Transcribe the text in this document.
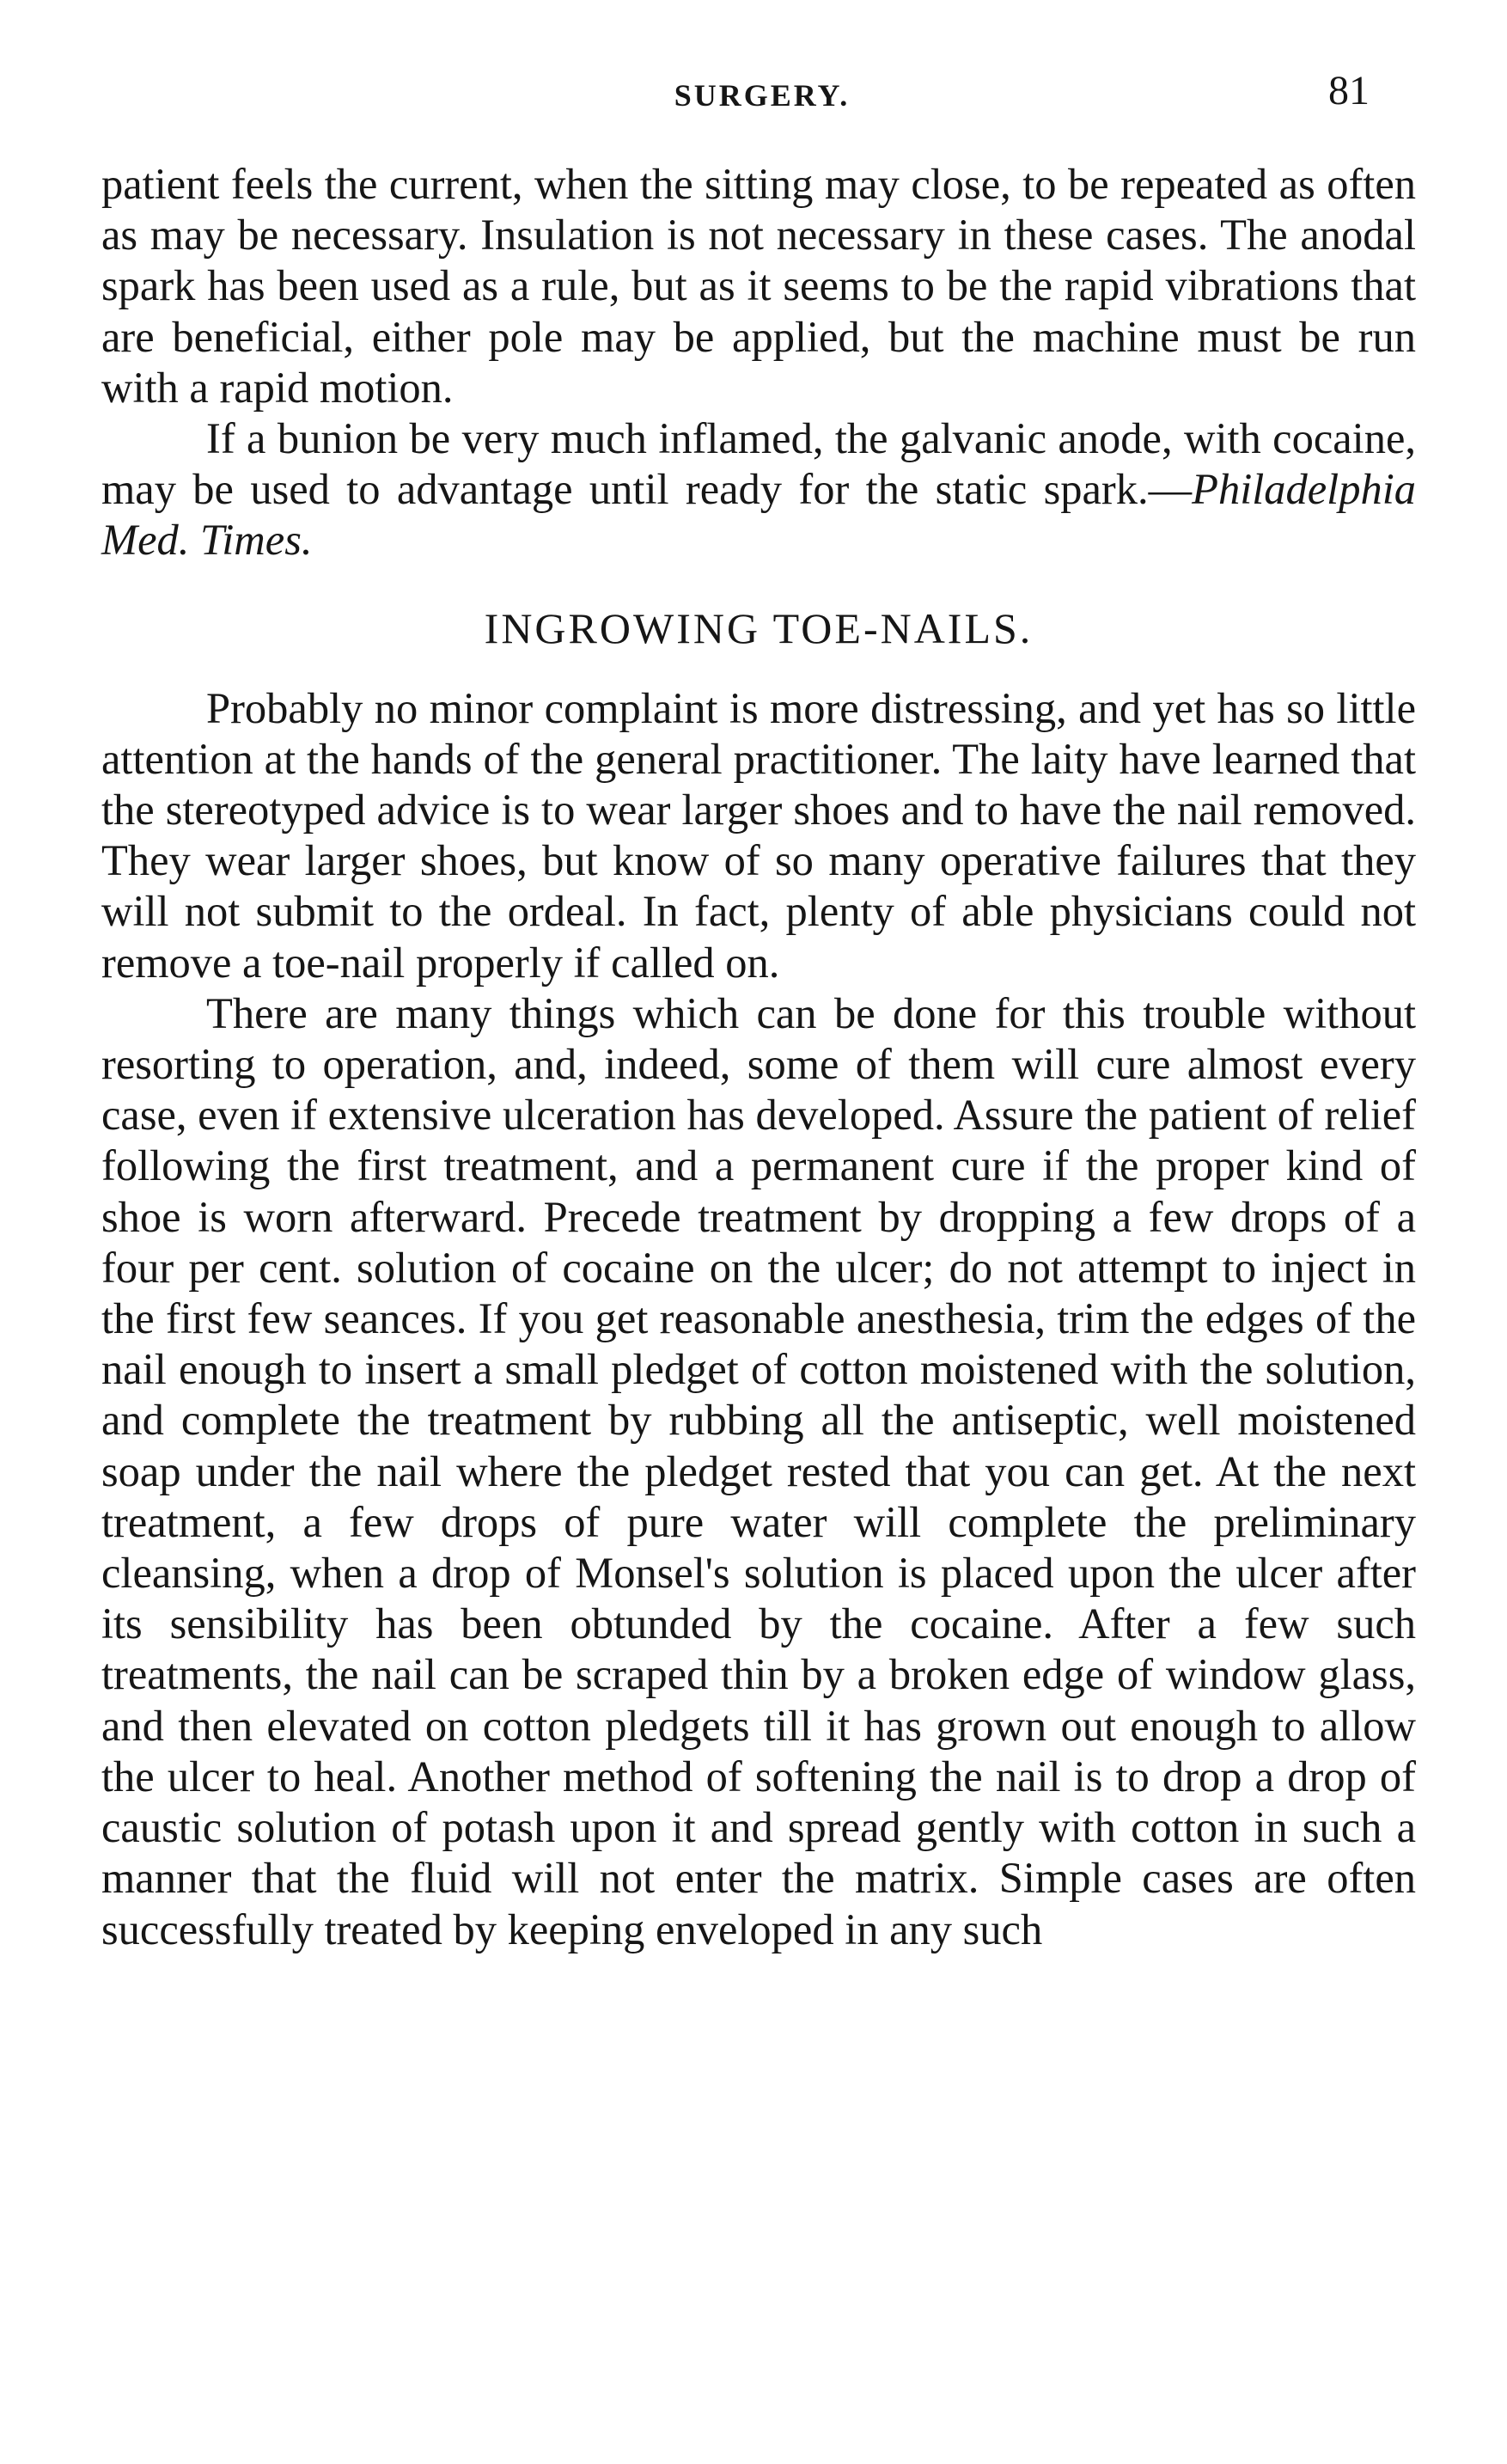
SURGERY.	81

patient feels the current, when the sitting may close, to be repeated as often as may be necessary. Insulation is not necessary in these cases. The anodal spark has been used as a rule, but as it seems to be the rapid vibrations that are beneficial, either pole may be applied, but the machine must be run with a rapid motion.

If a bunion be very much inflamed, the galvanic anode, with cocaine, may be used to advantage until ready for the static spark.—Philadelphia Med. Times.

INGROWING TOE-NAILS.

Probably no minor complaint is more distressing, and yet has so little attention at the hands of the general practitioner. The laity have learned that the stereotyped advice is to wear larger shoes and to have the nail removed. They wear larger shoes, but know of so many operative failures that they will not submit to the ordeal. In fact, plenty of able physicians could not remove a toe-nail properly if called on.

There are many things which can be done for this trouble without resorting to operation, and, indeed, some of them will cure almost every case, even if extensive ulceration has developed. Assure the patient of relief following the first treatment, and a permanent cure if the proper kind of shoe is worn afterward. Precede treatment by dropping a few drops of a four per cent. solution of cocaine on the ulcer; do not attempt to inject in the first few seances. If you get reasonable anesthesia, trim the edges of the nail enough to insert a small pledget of cotton moistened with the solution, and complete the treatment by rubbing all the antiseptic, well moistened soap under the nail where the pledget rested that you can get. At the next treatment, a few drops of pure water will complete the preliminary cleansing, when a drop of Monsel's solution is placed upon the ulcer after its sensibility has been obtunded by the cocaine. After a few such treatments, the nail can be scraped thin by a broken edge of window glass, and then elevated on cotton pledgets till it has grown out enough to allow the ulcer to heal. Another method of softening the nail is to drop a drop of caustic solution of potash upon it and spread gently with cotton in such a manner that the fluid will not enter the matrix. Simple cases are often successfully treated by keeping enveloped in any such
